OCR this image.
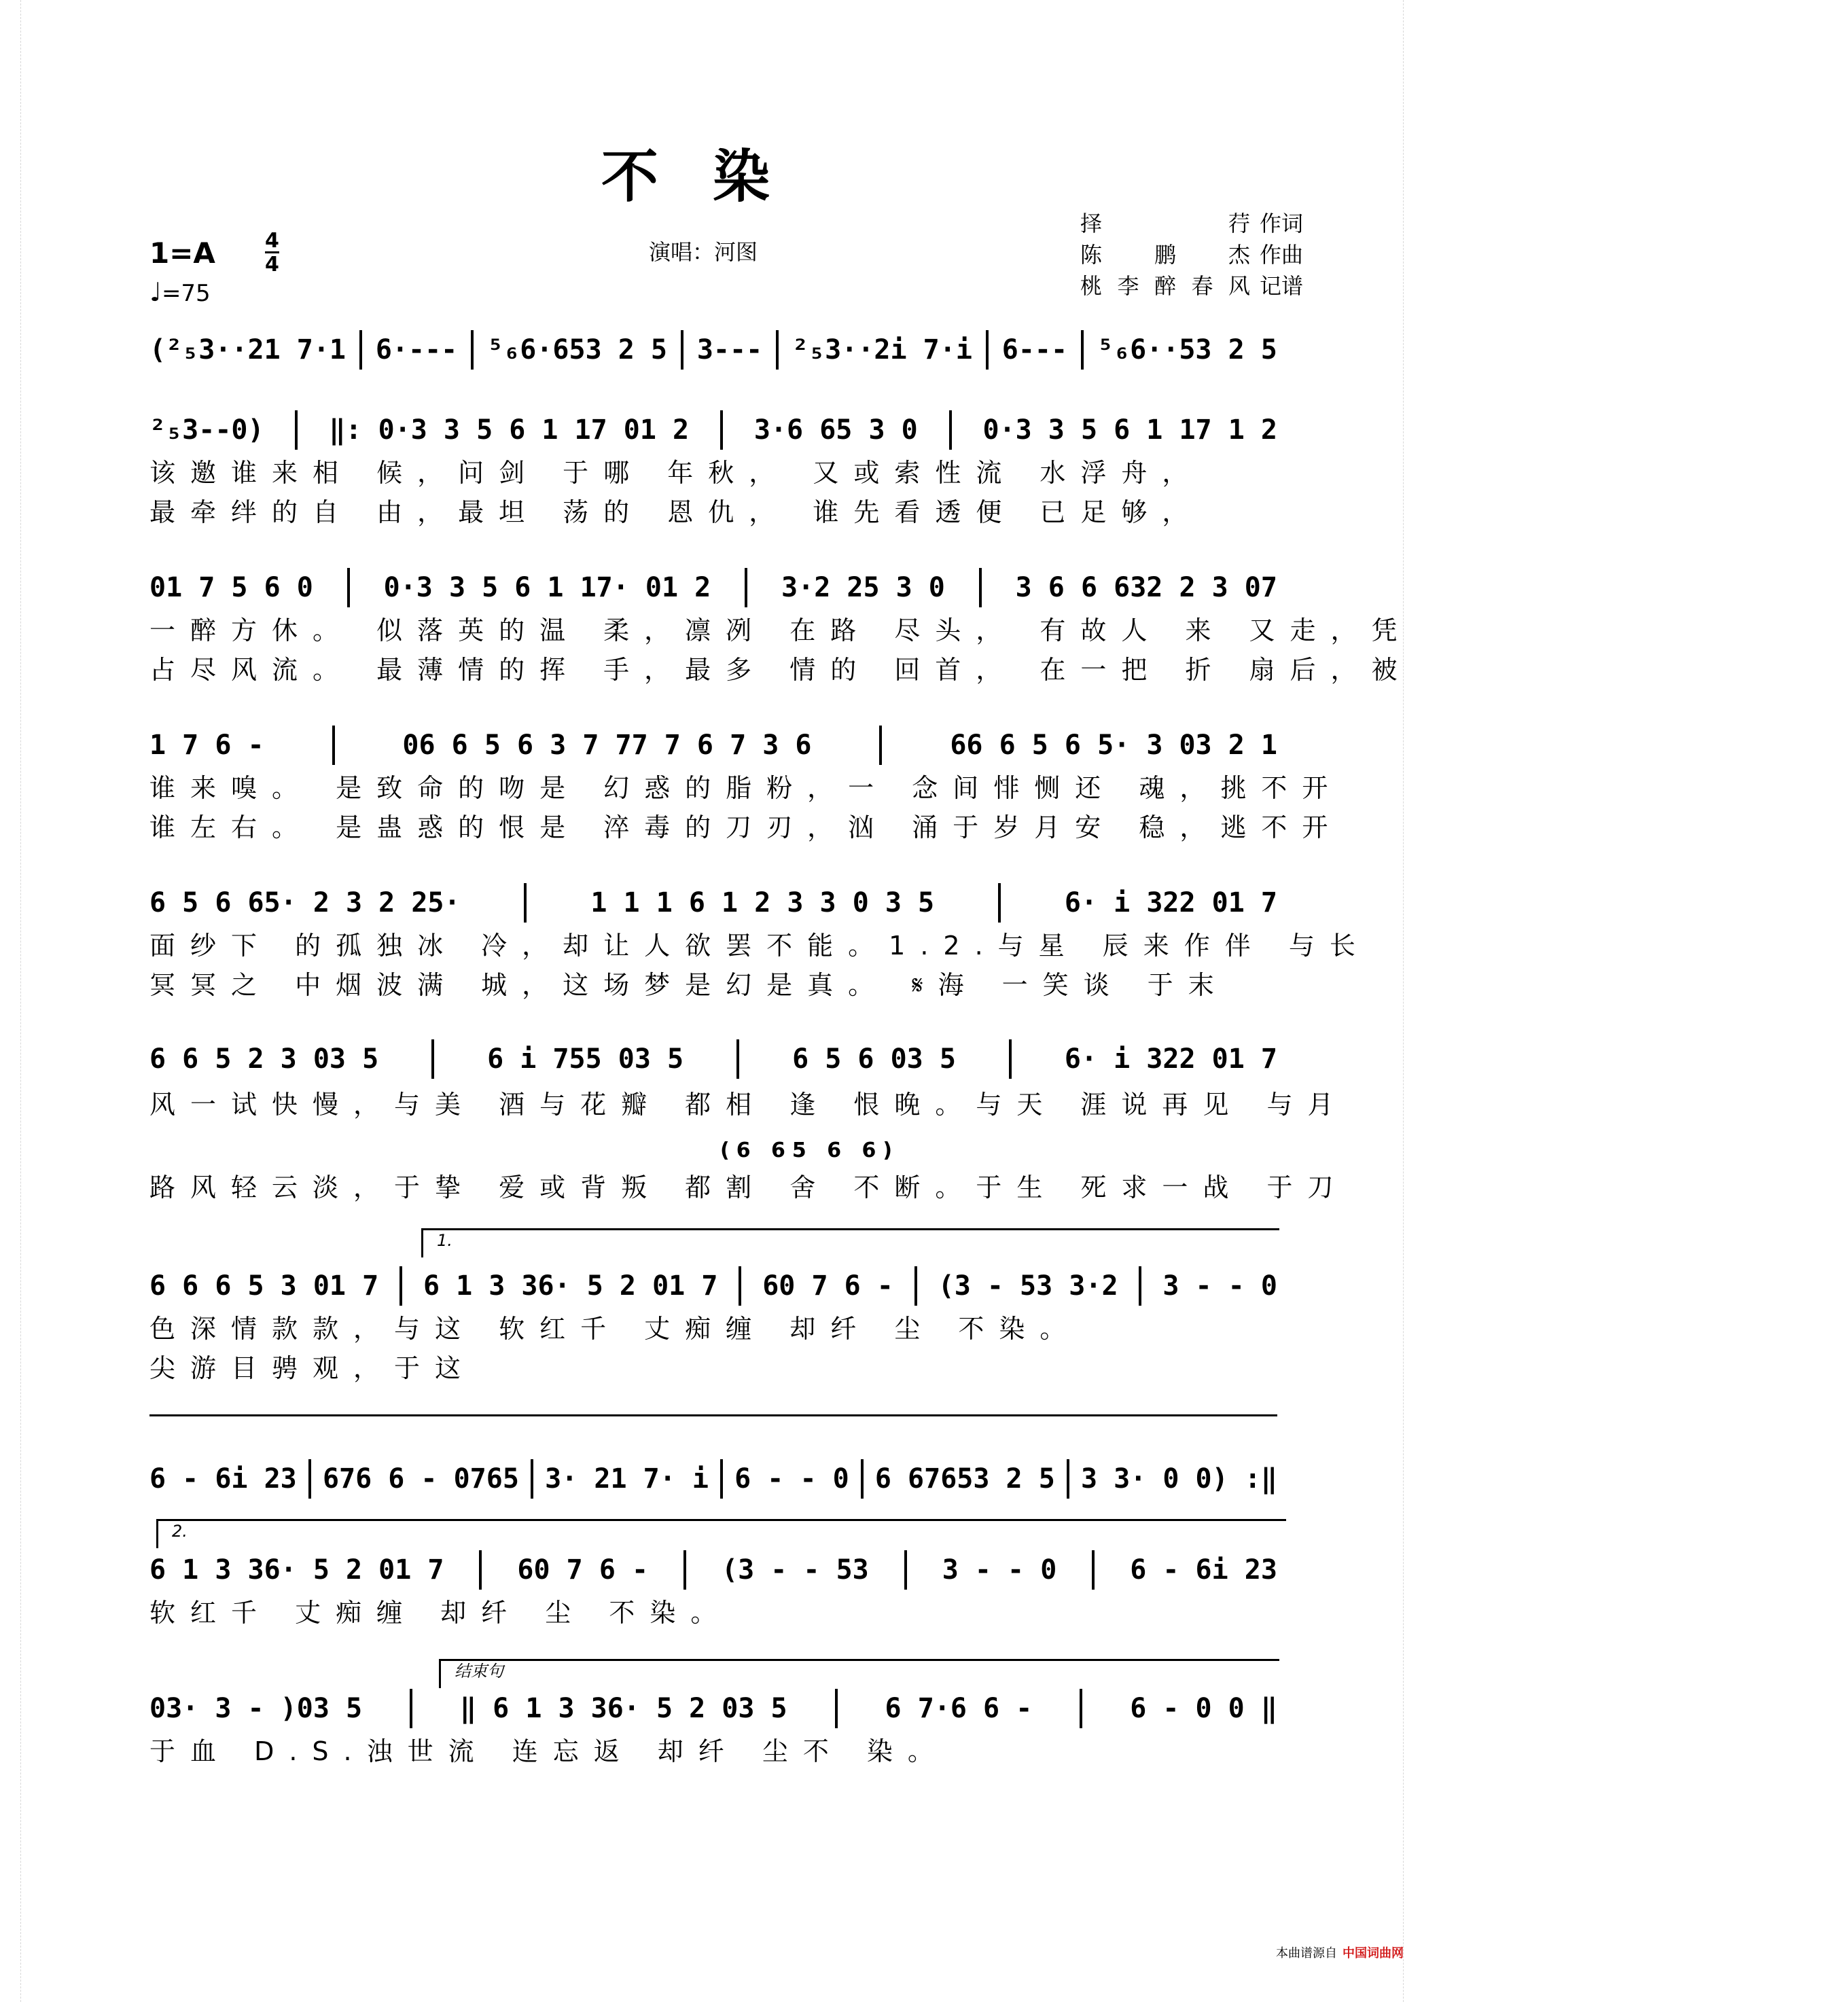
不染
演唱：河图
择 荇 作词
陈 鹏 杰 作曲
桃李醉春风 记谱
$1=A \frac{4}{4}$
♩=75
(²₅3··21 7·1 6·--- ⁵₆6·653 2 5 3--- ²₅3··2i 7·i 6--- ⁵₆6··53 2 5
²₅3--0) ‖: 0·3 3 5 6 1 17 01 2 3·6 65 3 0 0·3 3 5 6 1 17 1 2
该邀谁来相 候，问剑 于哪 年秋， 又或索性流 水浮舟，
最牵绊的自 由，最坦 荡的 恩仇， 谁先看透便 已足够，
01 7 5 6 0	0·3 3 5 6 1 17· 01 2	3·2 25 3 0	3 6 6 632 2 3 07
一醉方休。 似落英的温 柔，凛冽 在路 尽头， 有故人 来 又走，凭
占尽风流。 最薄情的挥 手，最多 情的 回首， 在一把 折 扇后，被
1 7 6 -	06 6 5 6 3 7 77 7 6 7 3 6	66 6 5 6 5· 3 03 2 1
谁来嗅。 是致命的吻是 幻惑的脂粉，一 念间悱恻还 魂，挑不开
谁左右。 是蛊惑的恨是 淬毒的刀刃，汹 涌于岁月安 稳，逃不开
6 5 6 65· 2 3 2 25·	1 1 1 6 1 2 3 3 0 3 5	6· i 322 01 7
面纱下 的孤独冰 冷，却让人欲罢不能。1.2.与星 辰来作伴 与长
冥冥之 中烟波满 城，这场梦是幻是真。 𝄋海 一笑谈 于末
6 6 5 2 3 03 5	6 i 755 03 5	6 5 6 03 5	6· i 322 01 7
风一试快慢，与美 酒与花瓣 都相 逢 恨晚。与天 涯说再见 与月
(6 65 6 6)
路风轻云淡，于挚 爱或背叛 都割 舍 不断。于生 死求一战 于刀
1.
6 6 6 5 3 01 7 6 1 3 36· 5 2 01 7 60 7 6 - (3 - 53 3·2 3 - - 0
色深情款款，与这 软红千 丈痴缠 却纤 尘 不染。
尖游目骋观，于这
6 - 6i 23 676 6 - 0765 3· 21 7· i 6 - - 0 6 67653 2 5 3 3· 0 0) :‖
2.
6 1 3 36· 5 2 01 7	60 7 6 -	(3 - - 53	3 - - 0	6 - 6i 23
软红千 丈痴缠 却纤 尘 不染。
结束句
03· 3 - )03 5	‖ 6 1 3 36· 5 2 03 5	6 7·6 6 -	6 - 0 0 ‖
于血 D.S.浊世流 连忘返 却纤 尘不 染。
本曲谱源自 中国词曲网
